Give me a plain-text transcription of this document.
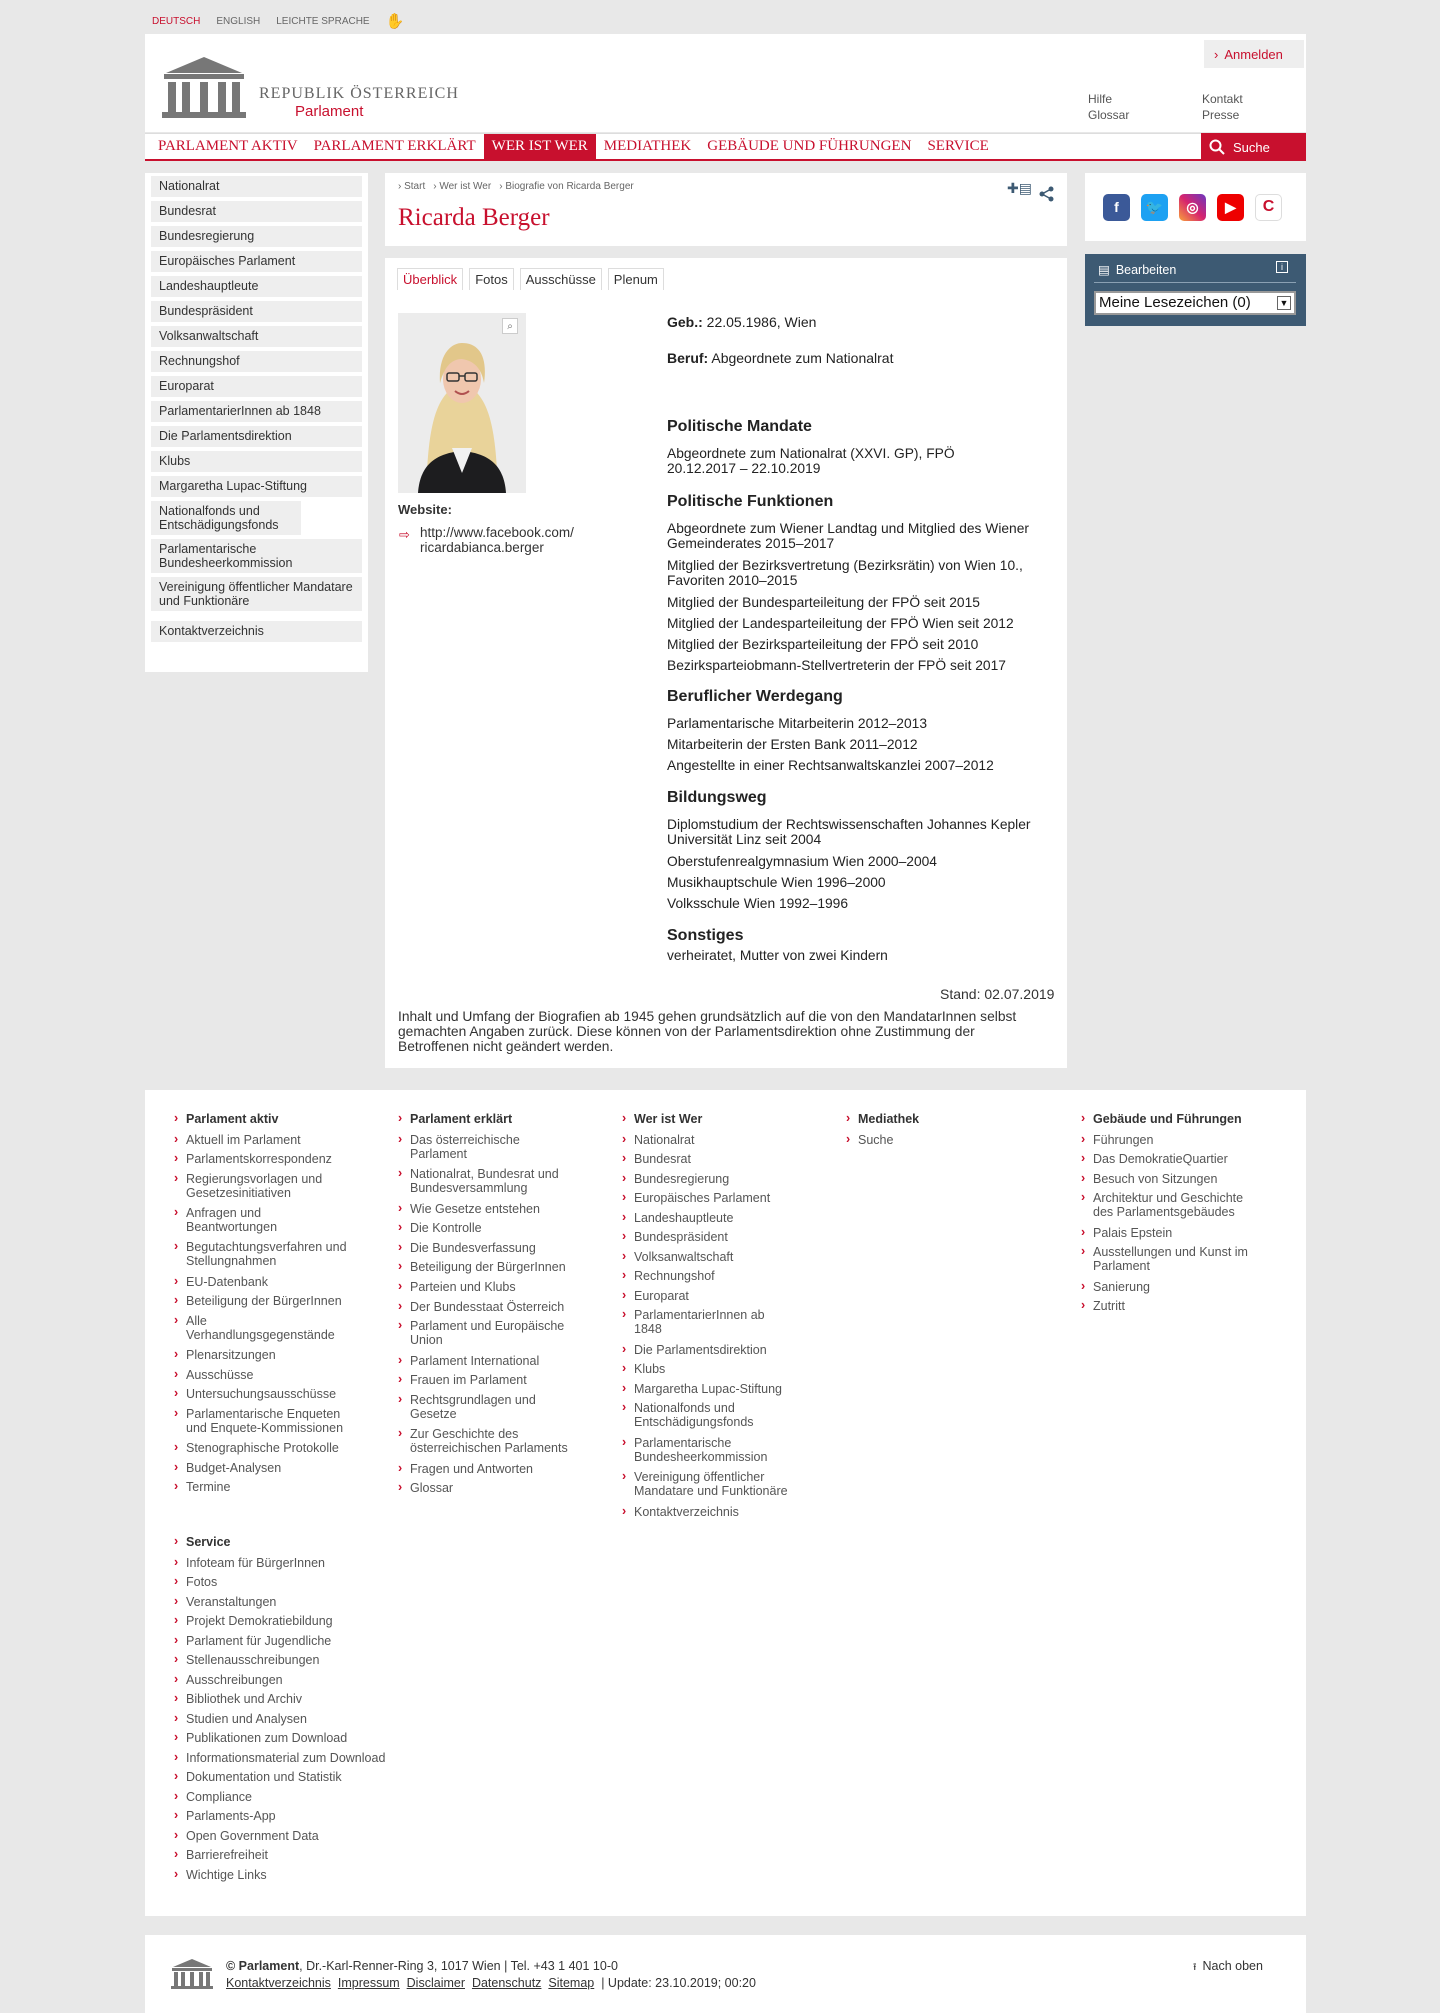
DEUTSCH ENGLISH LEICHTE SPRACHE ✋
REPUBLIK ÖSTERREICH
Parlament
› Anmelden
Hilfe
Glossar
Kontakt
Presse
PARLAMENT AKTIV	PARLAMENT ERKLÄRT	WER IST WER	MEDIATHEK	GEBÄUDE UND FÜHRUNGEN	SERVICE	Suche
Nationalrat
Bundesrat
Bundesregierung
Europäisches Parlament
Landeshauptleute
Bundespräsident
Volksanwaltschaft
Rechnungshof
Europarat
ParlamentarierInnen ab 1848
Die Parlamentsdirektion
Klubs
Margaretha Lupac-Stiftung
Nationalfonds und Entschädigungsfonds
Parlamentarische Bundesheerkommission
Vereinigung öffentlicher Mandatare und Funktionäre
Kontaktverzeichnis
› Start › Wer ist Wer › Biografie von Ricarda Berger	✚▤
Ricarda Berger
Überblick	Fotos	Ausschüsse	Plenum
⌕
Website:
⇨ http://www.facebook.com/
ricardabianca.berger
Geb.: 22.05.1986, Wien
Beruf: Abgeordnete zum Nationalrat
Politische Mandate
Abgeordnete zum Nationalrat (XXVI. GP), FPÖ
20.12.2017 – 22.10.2019
Politische Funktionen
Abgeordnete zum Wiener Landtag und Mitglied des Wiener Gemeinderates 2015–2017
Mitglied der Bezirksvertretung (Bezirksrätin) von Wien 10., Favoriten 2010–2015
Mitglied der Bundesparteileitung der FPÖ seit 2015
Mitglied der Landesparteileitung der FPÖ Wien seit 2012
Mitglied der Bezirksparteileitung der FPÖ seit 2010
Bezirksparteiobmann-Stellvertreterin der FPÖ seit 2017
Beruflicher Werdegang
Parlamentarische Mitarbeiterin 2012–2013
Mitarbeiterin der Ersten Bank 2011–2012
Angestellte in einer Rechtsanwaltskanzlei 2007–2012
Bildungsweg
Diplomstudium der Rechtswissenschaften Johannes Kepler Universität Linz seit 2004
Oberstufenrealgymnasium Wien 2000–2004
Musikhauptschule Wien 1996–2000
Volksschule Wien 1992–1996
Sonstiges
verheiratet, Mutter von zwei Kindern
Stand: 02.07.2019
Inhalt und Umfang der Biografien ab 1945 gehen grundsätzlich auf die von den MandatarInnen selbst gemachten Angaben zurück. Diese können von der Parlamentsdirektion ohne Zustimmung der Betroffenen nicht geändert werden.
f	🐦	◎	▶	C
▤ Bearbeiten	i
Meine Lesezeichen (0)	▼
› Parlament aktiv	› Parlament erklärt	› Wer ist Wer	› Mediathek	› Gebäude und Führungen
› Service
› Aktuell im Parlament
› Parlamentskorrespondenz
› Regierungsvorlagen und Gesetzesinitiativen
› Anfragen und Beantwortungen
› Begutachtungsverfahren und Stellungnahmen
› EU-Datenbank
› Beteiligung der BürgerInnen
› Alle Verhandlungsgegenstände
› Plenarsitzungen
› Ausschüsse
› Untersuchungsausschüsse
› Parlamentarische Enqueten und Enquete-Kommissionen
› Stenographische Protokolle
› Budget-Analysen
› Termine
› Das österreichische Parlament
› Nationalrat, Bundesrat und Bundesversammlung
› Wie Gesetze entstehen
› Die Kontrolle
› Die Bundesverfassung
› Beteiligung der BürgerInnen
› Parteien und Klubs
› Der Bundesstaat Österreich
› Parlament und Europäische Union
› Parlament International
› Frauen im Parlament
› Rechtsgrundlagen und Gesetze
› Zur Geschichte des österreichischen Parlaments
› Fragen und Antworten
› Glossar
› Nationalrat
› Bundesrat
› Bundesregierung
› Europäisches Parlament
› Landeshauptleute
› Bundespräsident
› Volksanwaltschaft
› Rechnungshof
› Europarat
› ParlamentarierInnen ab 1848
› Die Parlamentsdirektion
› Klubs
› Margaretha Lupac-Stiftung
› Nationalfonds und Entschädigungsfonds
› Parlamentarische Bundesheerkommission
› Vereinigung öffentlicher Mandatare und Funktionäre
› Kontaktverzeichnis
› Suche	› Führungen
› Das DemokratieQuartier
› Besuch von Sitzungen
› Architektur und Geschichte des Parlamentsgebäudes
› Palais Epstein
› Ausstellungen und Kunst im Parlament
› Sanierung
› Zutritt
› Infoteam für BürgerInnen
› Fotos
› Veranstaltungen
› Projekt Demokratiebildung
› Parlament für Jugendliche
› Stellenausschreibungen
› Ausschreibungen
› Bibliothek und Archiv
› Studien und Analysen
› Publikationen zum Download
› Informationsmaterial zum Download
› Dokumentation und Statistik
› Compliance
› Parlaments-App
› Open Government Data
› Barrierefreiheit
› Wichtige Links
© Parlament, Dr.-Karl-Renner-Ring 3, 1017 Wien | Tel. +43 1 401 10-0
Kontaktverzeichnis Impressum Disclaimer Datenschutz Sitemap | Update: 23.10.2019; 00:20
⭱ Nach oben
